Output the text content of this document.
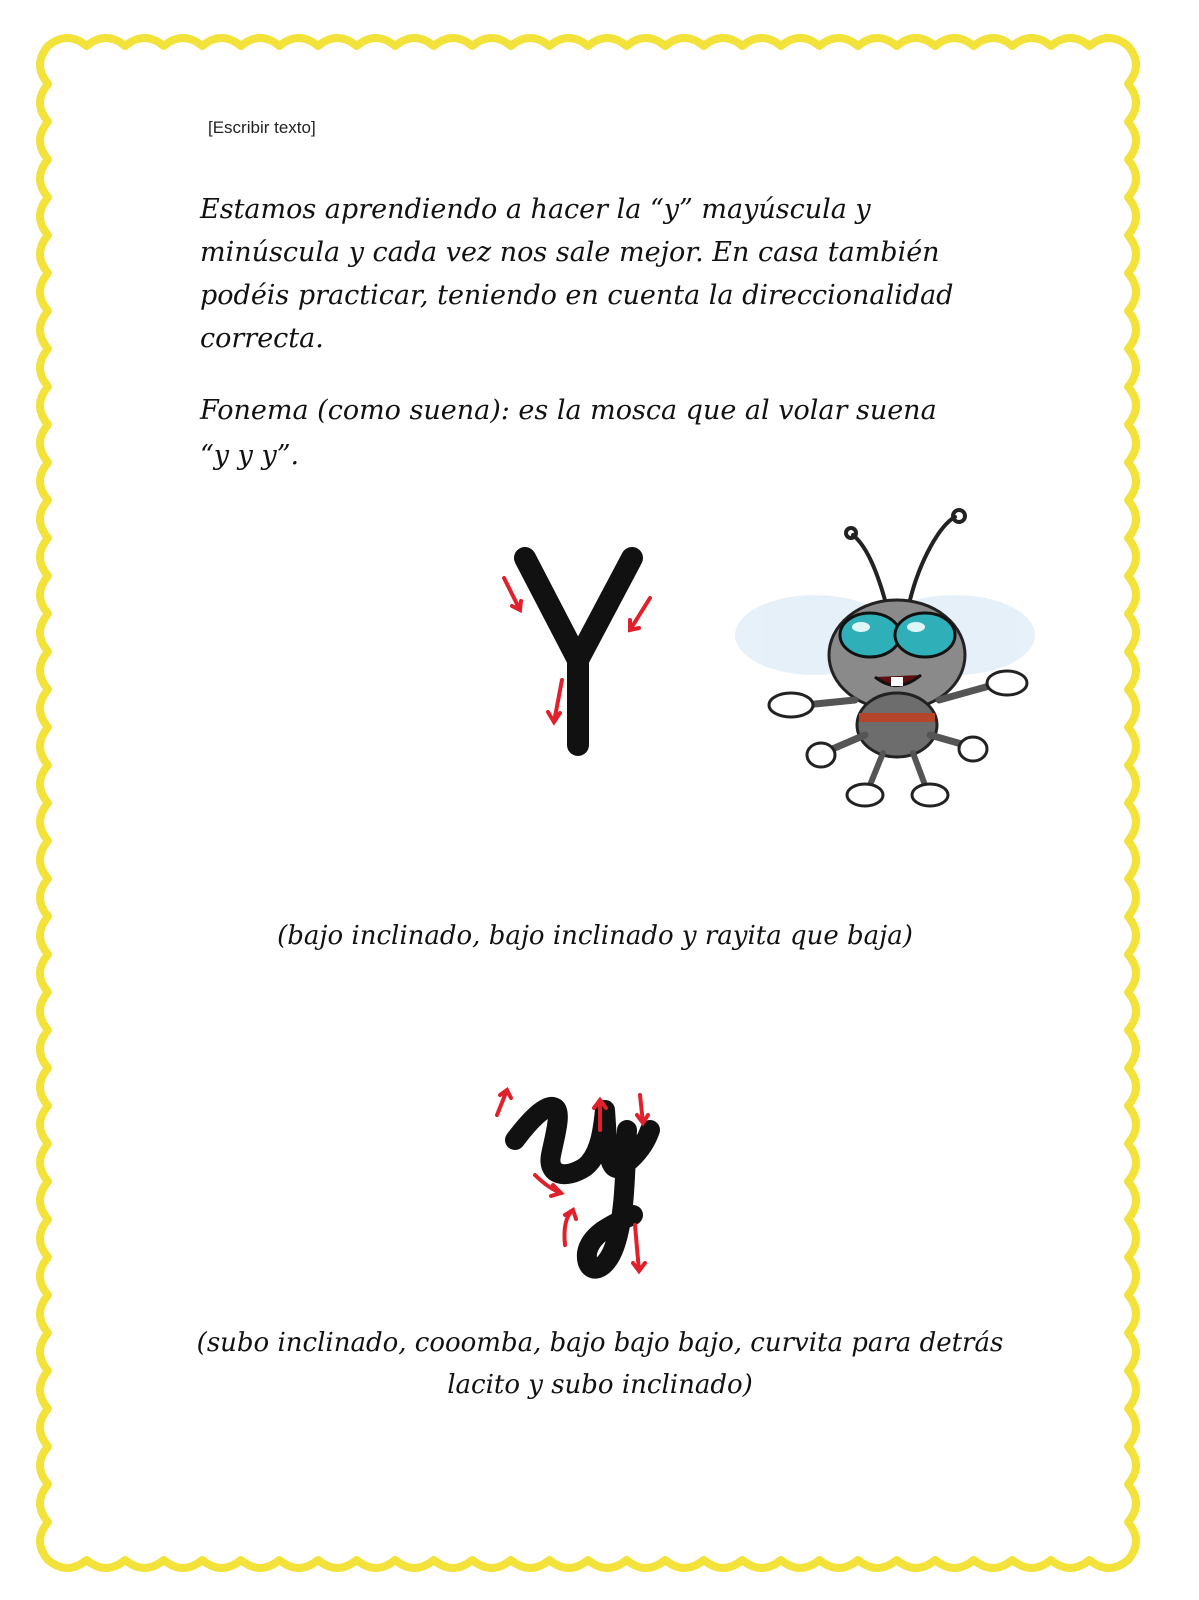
[Escribir texto]

Estamos aprendiendo a hacer la “y” mayúscula y minúscula y cada vez nos sale mejor. En casa también podéis practicar, teniendo en cuenta la direccionalidad correcta.

Fonema (como suena): es la mosca que al volar suena “y y y”.

(bajo inclinado, bajo inclinado y rayita que baja)

(subo inclinado, cooomba, bajo bajo bajo, curvita para detrás lacito y subo inclinado)
